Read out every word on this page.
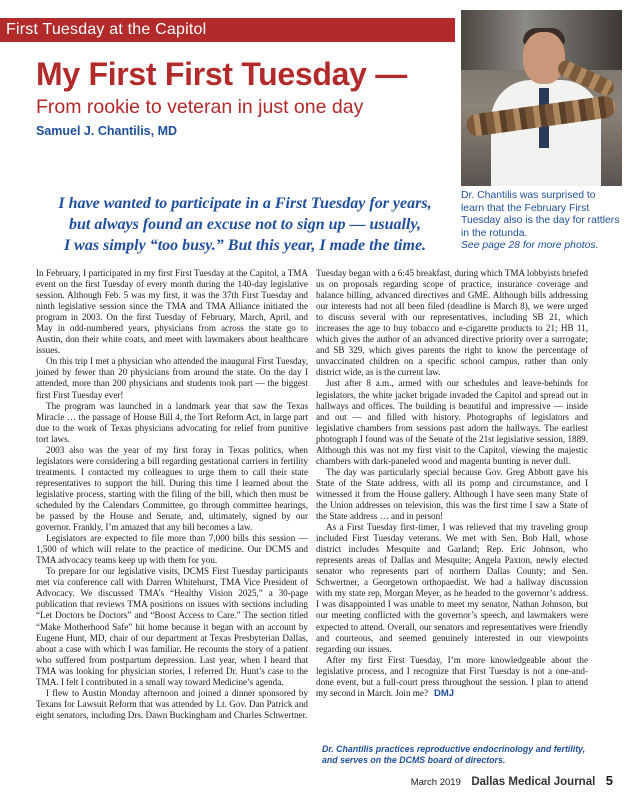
First Tuesday at the Capitol
My First First Tuesday —
From rookie to veteran in just one day
Samuel J. Chantilis, MD
Dr. Chantilis was surprised to learn that the February First Tuesday also is the day for rattlers in the rotunda.
See page 28 for more photos.
I have wanted to participate in a First Tuesday for years,
but always found an excuse not to sign up — usually,
I was simply “too busy.” But this year, I made the time.

In February, I participated in my first First Tuesday at the Capitol, a TMA event on the first Tuesday of every month during the 140-day legislative session. Although Feb. 5 was my first, it was the 37th First Tuesday and ninth legislative session since the TMA and TMA Alliance initiated the program in 2003. On the first Tuesday of February, March, April, and May in odd-numbered years, physicians from across the state go to Austin, don their white coats, and meet with lawmakers about healthcare issues.

On this trip I met a physician who attended the inaugural First Tuesday, joined by fewer than 20 physicians from around the state. On the day I attended, more than 200 physicians and students took part — the biggest first First Tuesday ever!

The program was launched in a landmark year that saw the Texas Miracle … the passage of House Bill 4, the Tort Reform Act, in large part due to the work of Texas physicians advocating for relief from punitive tort laws.

2003 also was the year of my first foray in Texas politics, when legislators were considering a bill regarding gestational carriers in fertility treatments. I contacted my colleagues to urge them to call their state representatives to support the bill. During this time I learned about the legislative process, starting with the filing of the bill, which then must be scheduled by the Calendars Committee, go through committee hearings, be passed by the House and Senate, and, ultimately, signed by our governor. Frankly, I’m amazed that any bill becomes a law.

Legislators are expected to file more than 7,000 bills this session — 1,500 of which will relate to the practice of medicine. Our DCMS and TMA advocacy teams keep up with them for you.

To prepare for our legislative visits, DCMS First Tuesday participants met via conference call with Darren Whitehurst, TMA Vice President of Advocacy. We discussed TMA’s “Healthy Vision 2025,” a 30-page publication that reviews TMA positions on issues with sections including “Let Doctors be Doctors” and “Boost Access to Care.” The section titled “Make Motherhood Safe” hit home because it began with an account by Eugene Hunt, MD, chair of our department at Texas Presbyterian Dallas, about a case with which I was familiar. He recounts the story of a patient who suffered from postpartum depression. Last year, when I heard that TMA was looking for physician stories, I referred Dr. Hunt’s case to the TMA. I felt I contributed in a small way toward Medicine’s agenda.

I flew to Austin Monday afternoon and joined a dinner sponsored by Texans for Lawsuit Reform that was attended by Lt. Gov. Dan Patrick and eight senators, including Drs. Dawn Buckingham and Charles Schwertner.

Tuesday began with a 6:45 breakfast, during which TMA lobbyists briefed us on proposals regarding scope of practice, insurance coverage and balance billing, advanced directives and GME. Although bills addressing our interests had not all been filed (deadline is March 8), we were urged to discuss several with our representatives, including SB 21, which increases the age to buy tobacco and e-cigarette products to 21; HB 11, which gives the author of an advanced directive priority over a surrogate; and SB 329, which gives parents the right to know the percentage of unvaccinated children on a specific school campus, rather than only district wide, as is the current law.

Just after 8 a.m., armed with our schedules and leave-behinds for legislators, the white jacket brigade invaded the Capitol and spread out in hallways and offices. The building is beautiful and impressive — inside and out — and filled with history. Photographs of legislators and legislative chambers from sessions past adorn the hallways. The earliest photograph I found was of the Senate of the 21st legislative session, 1889. Although this was not my first visit to the Capitol, viewing the majestic chambers with dark-paneled wood and magenta bunting is never dull.

The day was particularly special because Gov. Greg Abbott gave his State of the State address, with all its pomp and circumstance, and I witnessed it from the House gallery. Although I have seen many State of the Union addresses on television, this was the first time I saw a State of the State address … and in person!

As a First Tuesday first-timer, I was relieved that my traveling group included First Tuesday veterans. We met with Sen. Bob Hall, whose district includes Mesquite and Garland; Rep. Eric Johnson, who represents areas of Dallas and Mesquite; Angela Paxton, newly elected senator who represents part of northern Dallas County; and Sen. Schwertner, a Georgetown orthopaedist. We had a hallway discussion with my state rep, Morgan Meyer, as he headed to the governor’s address. I was disappointed I was unable to meet my senator, Nathan Johnson, but our meeting conflicted with the governor’s speech, and lawmakers were expected to attend. Overall, our senators and representatives were friendly and courteous, and seemed genuinely interested in our viewpoints regarding our issues.

After my first First Tuesday, I’m more knowledgeable about the legislative process, and I recognize that First Tuesday is not a one-and-done event, but a full-court press throughout the session. I plan to attend my second in March. Join me? DMJ

Dr. Chantilis practices reproductive endocrinology and fertility, and serves on the DCMS board of directors.
March 2019 Dallas Medical Journal 5
